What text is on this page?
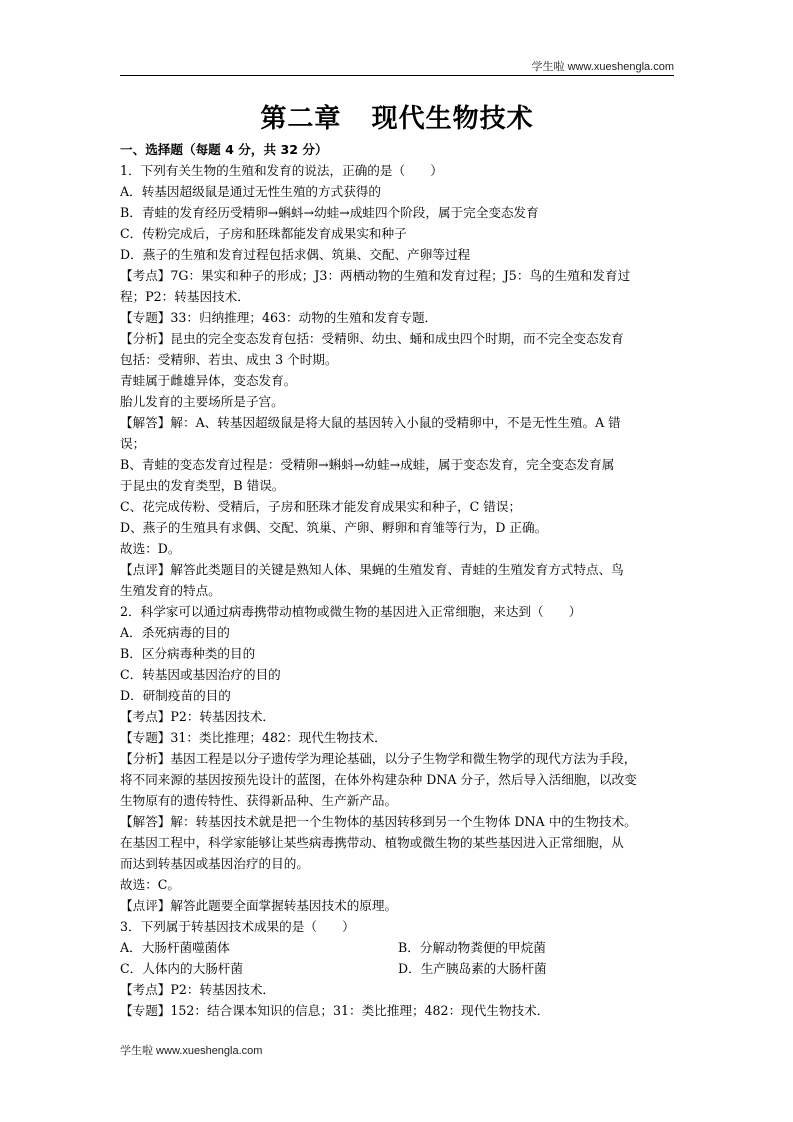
学生啦 www.xueshengla.com
第二章   现代生物技术
一、选择题（每题 4 分，共 32 分）
1．下列有关生物的生殖和发育的说法，正确的是（　　）
A．转基因超级鼠是通过无性生殖的方式获得的
B．青蛙的发育经历受精卵→蝌蚪→幼蛙→成蛙四个阶段，属于完全变态发育
C．传粉完成后，子房和胚珠都能发育成果实和种子
D．燕子的生殖和发育过程包括求偶、筑巢、交配、产卵等过程
【考点】7G：果实和种子的形成；J3：两栖动物的生殖和发育过程；J5：鸟的生殖和发育过
程；P2：转基因技术．
【专题】33：归纳推理；463：动物的生殖和发育专题．
【分析】昆虫的完全变态发育包括：受精卵、幼虫、蛹和成虫四个时期，而不完全变态发育
包括：受精卵、若虫、成虫 3 个时期。
青蛙属于雌雄异体，变态发育。
胎儿发育的主要场所是子宫。
【解答】解：A、转基因超级鼠是将大鼠的基因转入小鼠的受精卵中，不是无性生殖。A 错
误；
B、青蛙的变态发育过程是：受精卵→蝌蚪→幼蛙→成蛙，属于变态发育，完全变态发育属
于昆虫的发育类型，B 错误。
C、花完成传粉、受精后，子房和胚珠才能发育成果实和种子，C 错误；
D、燕子的生殖具有求偶、交配、筑巢、产卵、孵卵和育雏等行为，D 正确。
故选：D。
【点评】解答此类题目的关键是熟知人体、果蝇的生殖发育、青蛙的生殖发育方式特点、鸟
生殖发育的特点。
2．科学家可以通过病毒携带动植物或微生物的基因进入正常细胞，来达到（　　）
A．杀死病毒的目的
B．区分病毒种类的目的
C．转基因或基因治疗的目的
D．研制疫苗的目的
【考点】P2：转基因技术．
【专题】31：类比推理；482：现代生物技术．
【分析】基因工程是以分子遗传学为理论基础，以分子生物学和微生物学的现代方法为手段，
将不同来源的基因按预先设计的蓝图，在体外构建杂种 DNA 分子，然后导入活细胞，以改变
生物原有的遗传特性、获得新品种、生产新产品。
【解答】解：转基因技术就是把一个生物体的基因转移到另一个生物体 DNA 中的生物技术。
在基因工程中，科学家能够让某些病毒携带动、植物或微生物的某些基因进入正常细胞，从
而达到转基因或基因治疗的目的。
故选：C。
【点评】解答此题要全面掌握转基因技术的原理。
3．下列属于转基因技术成果的是（　　）
A．大肠杆菌噬菌体	B．分解动物粪便的甲烷菌
C．人体内的大肠杆菌	D．生产胰岛素的大肠杆菌
【考点】P2：转基因技术．
【专题】152：结合课本知识的信息；31：类比推理；482：现代生物技术．
学生啦 www.xueshengla.com
